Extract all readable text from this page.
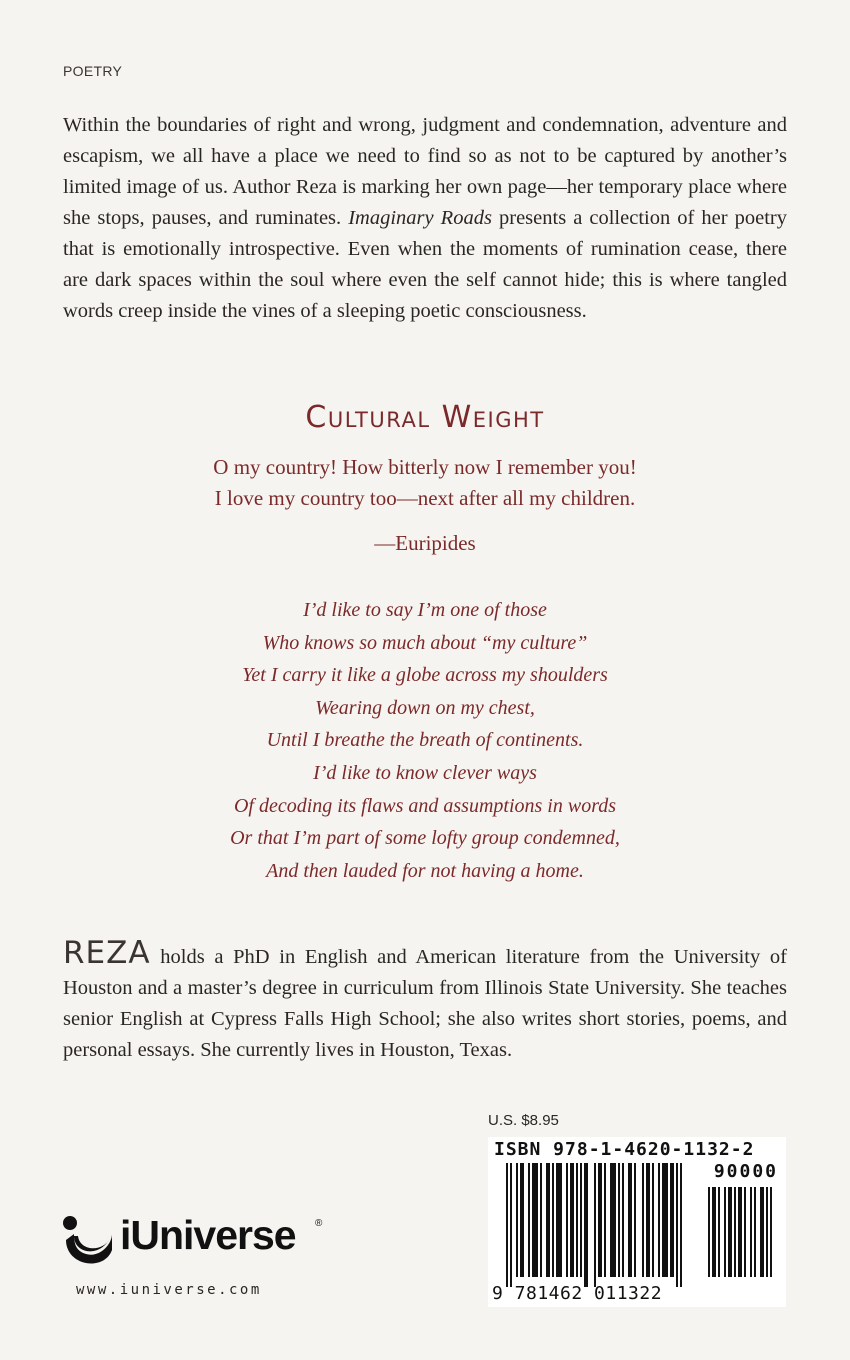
POETRY

Within the boundaries of right and wrong, judgment and condemnation, adventure and escapism, we all have a place we need to find so as not to be captured by another’s limited image of us. Author Reza is marking her own page—her temporary place where she stops, pauses, and ruminates. Imaginary Roads presents a collection of her poetry that is emotionally introspective. Even when the moments of rumination cease, there are dark spaces within the soul where even the self cannot hide; this is where tangled words creep inside the vines of a sleeping poetic consciousness.

Cultural Weight
O my country! How bitterly now I remember you!
I love my country too—next after all my children.
—Euripides
I’d like to say I’m one of those
Who knows so much about “my culture”
Yet I carry it like a globe across my shoulders
Wearing down on my chest,
Until I breathe the breath of continents.
I’d like to know clever ways
Of decoding its flaws and assumptions in words
Or that I’m part of some lofty group condemned,
And then lauded for not having a home.

REZA holds a PhD in English and American literature from the University of Houston and a master’s degree in curriculum from Illinois State University. She teaches senior English at Cypress Falls High School; she also writes short stories, poems, and personal essays. She currently lives in Houston, Texas.

U.S. $8.95
ISBN 978-1-4620-1132-2
90000
9 781462 011322
iUniverse ®
www.iuniverse.com
